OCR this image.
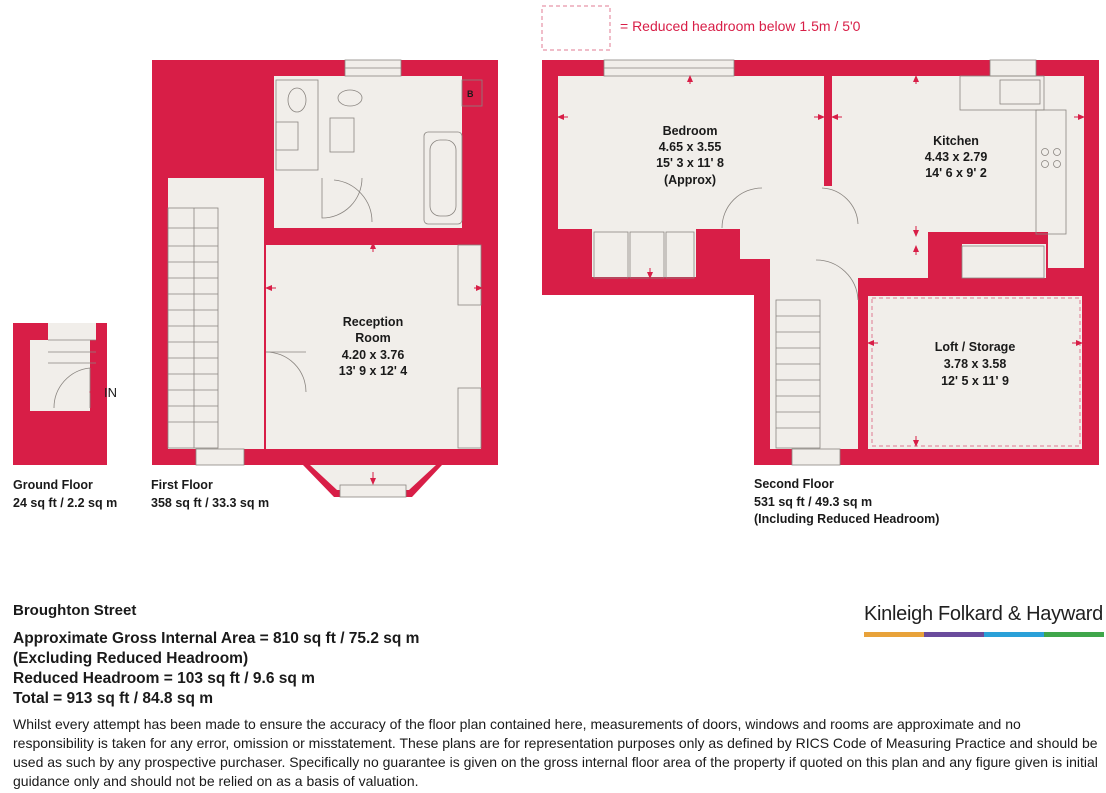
= Reduced headroom below 1.5m / 5'0
IN
B
Reception
Room
4.20 x 3.76
13' 9 x 12' 4
Bedroom
4.65 x 3.55
15' 3 x 11' 8
(Approx)
Kitchen
4.43 x 2.79
14' 6 x 9' 2
Loft / Storage
3.78 x 3.58
12' 5 x 11' 9
Ground Floor
24 sq ft / 2.2 sq m
First Floor
358 sq ft / 33.3 sq m
Second Floor
531 sq ft / 49.3 sq m
(Including Reduced Headroom)

Broughton Street

Approximate Gross Internal Area = 810 sq ft / 75.2 sq m

(Excluding Reduced Headroom)

Reduced Headroom = 103 sq ft / 9.6 sq m

Total = 913 sq ft / 84.8 sq m

Kinleigh Folkard & Hayward

Whilst every attempt has been made to ensure the accuracy of the floor plan contained here, measurements of doors, windows and rooms are approximate and no responsibility is taken for any error, omission or misstatement. These plans are for representation purposes only as defined by RICS Code of Measuring Practice and should be used as such by any prospective purchaser. Specifically no guarantee is given on the gross internal floor area of the property if quoted on this plan and any figure given is initial guidance only and should not be relied on as a basis of valuation.
